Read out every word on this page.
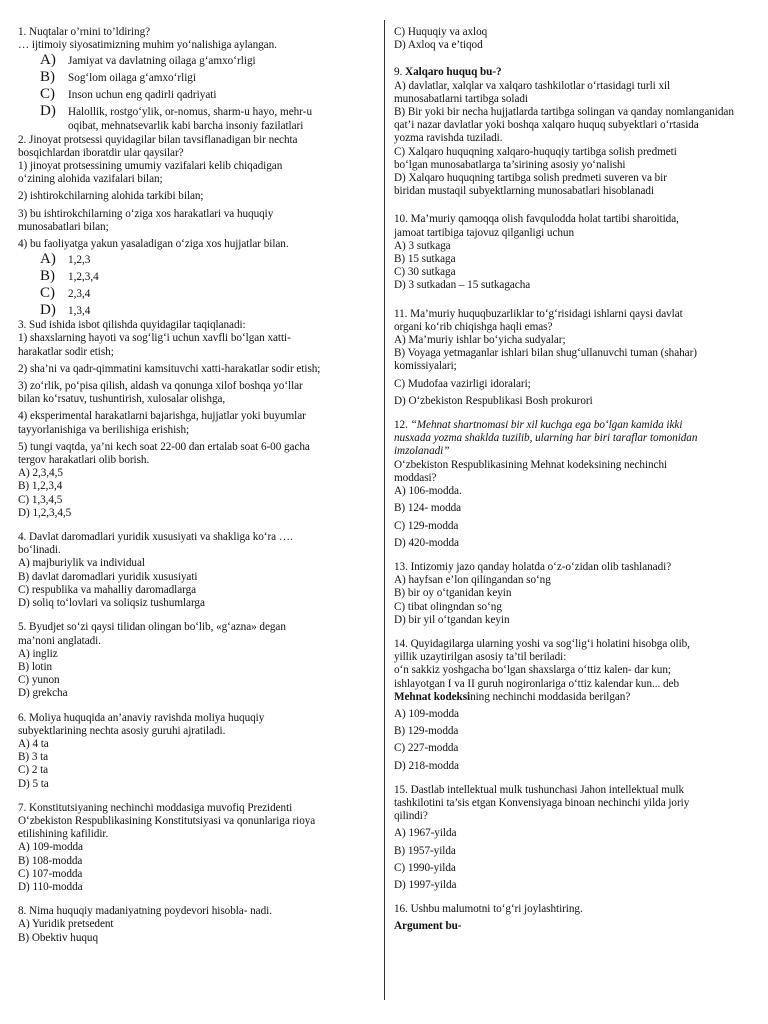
1. Nuqtalar o’rnini to’ldiring?
… ijtimoiy siyosatimizning muhim yo‘nalishiga aylangan.
A) Jamiyat va davlatning oilaga g‘amxo‘rligi
B) Sog‘lom oilaga g‘amxo‘rligi
C) Inson uchun eng qadirli qadriyati
D) Halollik, rostgo‘ylik, or-nomus, sharm-u hayo, mehr-u
oqibat, mehnatsevarlik kabi barcha insoniy fazilatlari
2. Jinoyat protsessi quyidagilar bilan tavsiflanadigan bir nechta
bosqichlardan iboratdir ular qaysilar?
1) jinoyat protsessining umumiy vazifalari kelib chiqadigan
o‘zining alohida vazifalari bilan;
2) ishtirokchilarning alohida tarkibi bilan;
3) bu ishtirokchilarning o‘ziga xos harakatlari va huquqiy
munosabatlari bilan;
4) bu faoliyatga yakun yasaladigan o‘ziga xos hujjatlar bilan.
A) 1,2,3
B) 1,2,3,4
C) 2,3,4
D) 1,3,4
3. Sud ishida isbot qilishda quyidagilar taqiqlanadi:
1) shaxslarning hayoti va sog‘lig‘i uchun xavfli bo‘lgan xatti-
harakatlar sodir etish;
2) sha’ni va qadr-qimmatini kamsituvchi xatti-harakatlar sodir etish;
3) zo‘rlik, po‘pisa qilish, aldash va qonunga xilof boshqa yo‘llar
bilan ko‘rsatuv, tushuntirish, xulosalar olishga,
4) eksperimental harakatlarni bajarishga, hujjatlar yoki buyumlar
tayyorlanishiga va berilishiga erishish;
5) tungi vaqtda, ya’ni kech soat 22-00 dan ertalab soat 6-00 gacha
tergov harakatlari olib borish.
A) 2,3,4,5
B) 1,2,3,4
C) 1,3,4,5
D) 1,2,3,4,5
4. Davlat daromadlari yuridik xususiyati va shakliga ko‘ra ….
bo‘linadi.
A) majburiylik va individual
B) davlat daromadlari yuridik xususiyati
C) respublika va mahalliy daromadlarga
D) soliq to‘lovlari va soliqsiz tushumlarga
5. Byudjet so‘zi qaysi tilidan olingan bo‘lib, «g‘azna» degan
ma’noni anglatadi.
A) ingliz
B) lotin
C) yunon
D) grekcha
6. Moliya huquqida an’anaviy ravishda moliya huquqiy
subyektlarining nechta asosiy guruhi ajratiladi.
A) 4 ta
B) 3 ta
C) 2 ta
D) 5 ta
7. Konstitutsiyaning nechinchi moddasiga muvofiq Prezidenti
O‘zbekiston Respublikasining Konstitutsiyasi va qonunlariga rioya
etilishining kafilidir.
A) 109-modda
B) 108-modda
C) 107-modda
D) 110-modda
8. Nima huquqiy madaniyatning poydevori hisobla- nadi.
A) Yuridik pretsedent
B) Obektiv huquq
C) Huquqiy va axloq
D) Axloq va e’tiqod
9. Xalqaro huquq bu-?
A) davlatlar, xalqlar va xalqaro tashkilotlar o‘rtasidagi turli xil
munosabatlarni tartibga soladi
B) Bir yoki bir necha hujjatlarda tartibga solingan va qanday nomlanganidan
qat’i nazar davlatlar yoki boshqa xalqaro huquq subyektlari o‘rtasida
yozma ravishda tuziladi.
C) Xalqaro huquqning xalqaro-huquqiy tartibga solish predmeti
bo‘lgan munosabatlarga ta’sirining asosiy yo‘nalishi
D) Xalqaro huquqning tartibga solish predmeti suveren va bir
biridan mustaqil subyektlarning munosabatlari hisoblanadi
10. Ma’muriy qamoqqa olish favqulodda holat tartibi sharoitida,
jamoat tartibiga tajovuz qilganligi uchun
A) 3 sutkaga
B) 15 sutkaga
C) 30 sutkaga
D) 3 sutkadan – 15 sutkagacha
11. Ma’muriy huquqbuzarliklar to‘g‘risidagi ishlarni qaysi davlat
organi ko‘rib chiqishga haqli emas?
A) Ma’muriy ishlar bo‘yicha sudyalar;
B) Voyaga yetmaganlar ishlari bilan shug‘ullanuvchi tuman (shahar)
komissiyalari;
C) Mudofaa vazirligi idoralari;
D) O‘zbekiston Respublikasi Bosh prokurori
12. “Mehnat shartnomasi bir xil kuchga ega bo‘lgan kamida ikki
nusxada yozma shaklda tuzilib, ularning har biri taraflar tomonidan
imzolanadi”
O‘zbekiston Respublikasining Mehnat kodeksining nechinchi
moddasi?
A) 106-modda.
B) 124- modda
C) 129-modda
D) 420-modda
13. Intizomiy jazo qanday holatda o‘z-o‘zidan olib tashlanadi?
A) hayfsan e’lon qilingandan so‘ng
B) bir oy o‘tganidan keyin
C) tibat olingndan so‘ng
D) bir yil o‘tgandan keyin
14. Quyidagilarga ularning yoshi va sog‘lig‘i holatini hisobga olib,
yillik uzaytirilgan asosiy ta’til beriladi:
o‘n sakkiz yoshgacha bo‘lgan shaxslarga o‘ttiz kalen- dar kun;
ishlayotgan I va II guruh nogironlariga o‘ttiz kalendar kun... deb
Mehnat kodeksining nechinchi moddasida berilgan?
A) 109-modda
B) 129-modda
C) 227-modda
D) 218-modda
15. Dastlab intellektual mulk tushunchasi Jahon intellektual mulk
tashkilotini ta’sis etgan Konvensiyaga binoan nechinchi yilda joriy
qilindi?
A) 1967-yilda
B) 1957-yilda
C) 1990-yilda
D) 1997-yilda
16. Ushbu malumotni to‘g‘ri joylashtiring.
Argument bu-
